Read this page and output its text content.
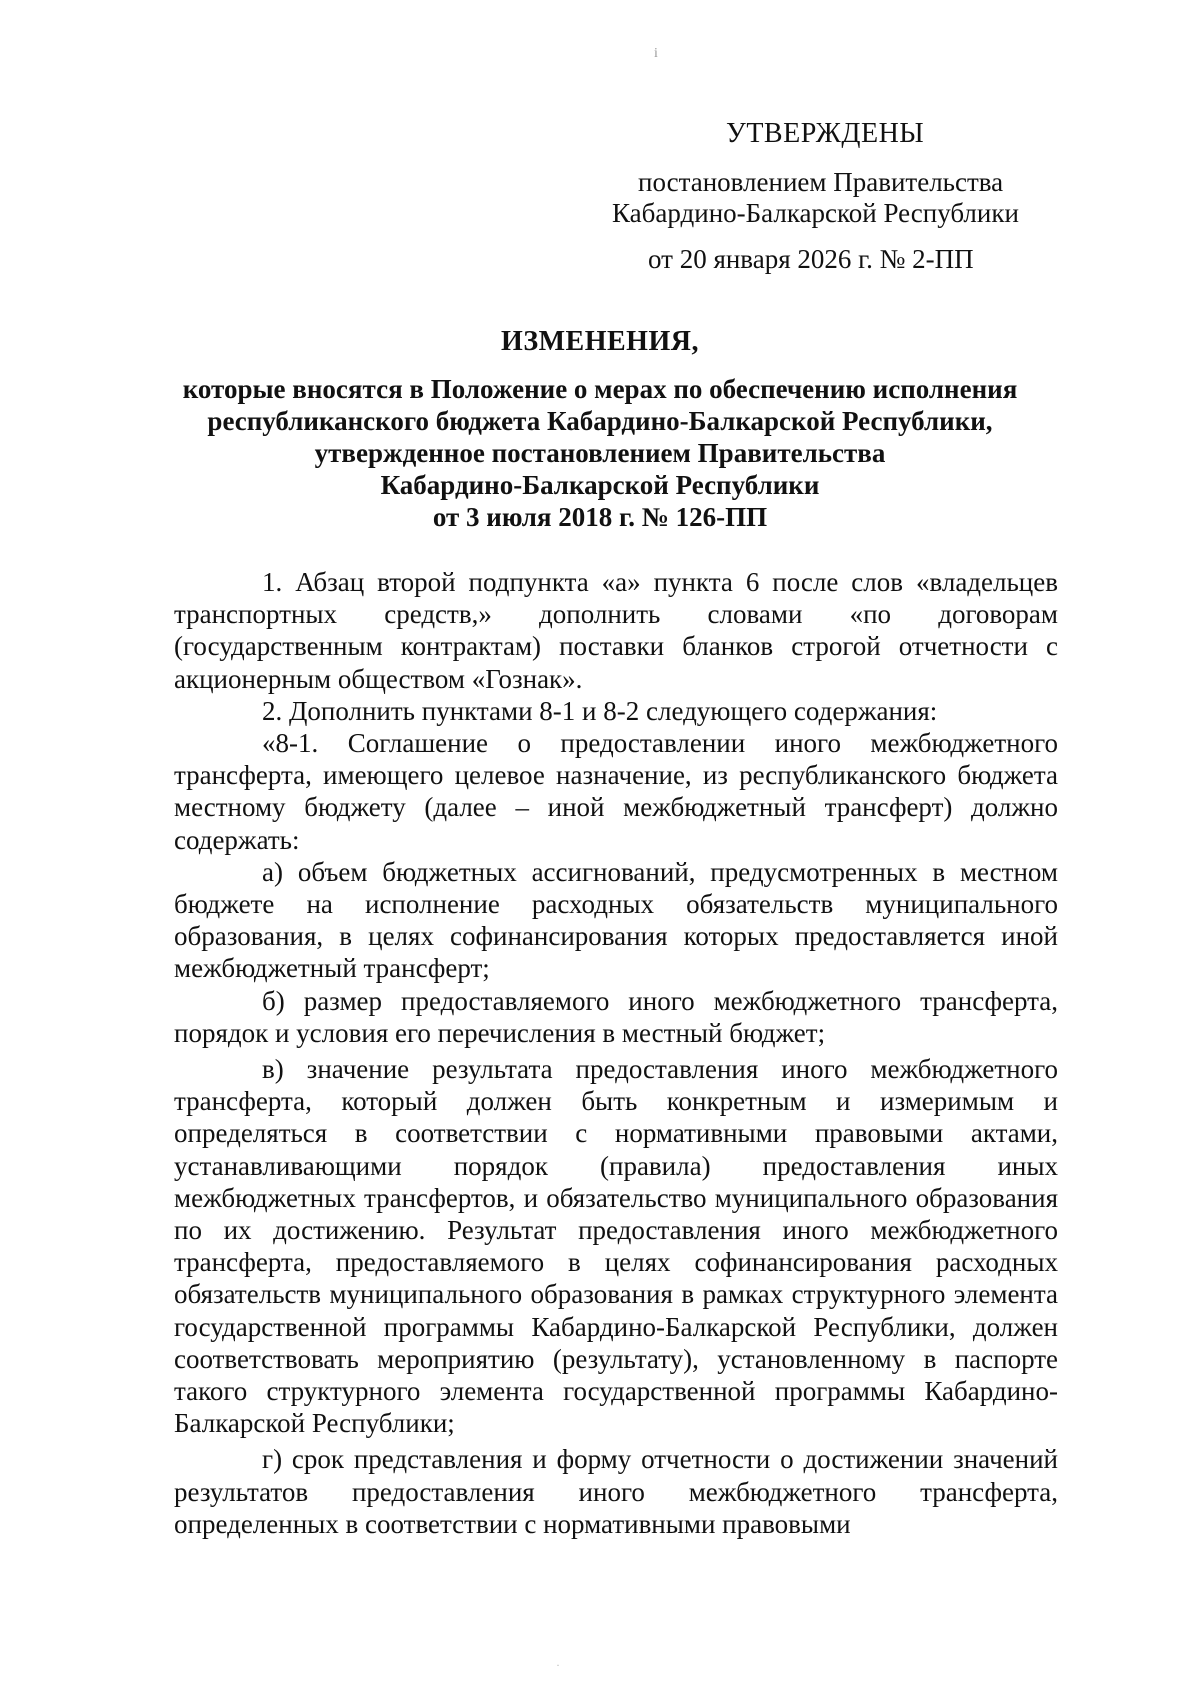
і
УТВЕРЖДЕНЫ
постановлением Правительства
Кабардино-Балкарской Республики
от 20 января 2026 г. № 2-ПП
ИЗМЕНЕНИЯ,
которые вносятся в Положение о мерах по обеспечению исполнения
республиканского бюджета Кабардино-Балкарской Республики,
утвержденное постановлением Правительства
Кабардино-Балкарской Республики
от 3 июля 2018 г. № 126-ПП

1. Абзац второй подпункта «а» пункта 6 после слов «владельцев транспортных средств,» дополнить словами «по договорам (государственным контрактам) поставки бланков строгой отчетности с акционерным обществом «Гознак».

2. Дополнить пунктами 8-1 и 8-2 следующего содержания:

«8-1. Соглашение о предоставлении иного межбюджетного трансферта, имеющего целевое назначение, из республиканского бюджета местному бюджету (далее – иной межбюджетный трансферт) должно содержать:

а) объем бюджетных ассигнований, предусмотренных в местном бюджете на исполнение расходных обязательств муниципального образования, в целях софинансирования которых предоставляется иной межбюджетный трансферт;

б) размер предоставляемого иного межбюджетного трансферта, порядок и условия его перечисления в местный бюджет;

в) значение результата предоставления иного межбюджетного трансферта, который должен быть конкретным и измеримым и определяться в соответствии с нормативными правовыми актами, устанавливающими порядок (правила) предоставления иных межбюджетных трансфертов, и обязательство муниципального образования по их достижению. Результат предоставления иного межбюджетного трансферта, предоставляемого в целях софинансирования расходных обязательств муниципального образования в рамках структурного элемента государственной программы Кабардино-Балкарской Республики, должен соответствовать мероприятию (результату), установленному в паспорте такого структурного элемента государственной программы Кабардино-Балкарской Республики;

г) срок представления и форму отчетности о достижении значений результатов предоставления иного межбюджетного трансферта, определенных в соответствии с нормативными правовыми

·
